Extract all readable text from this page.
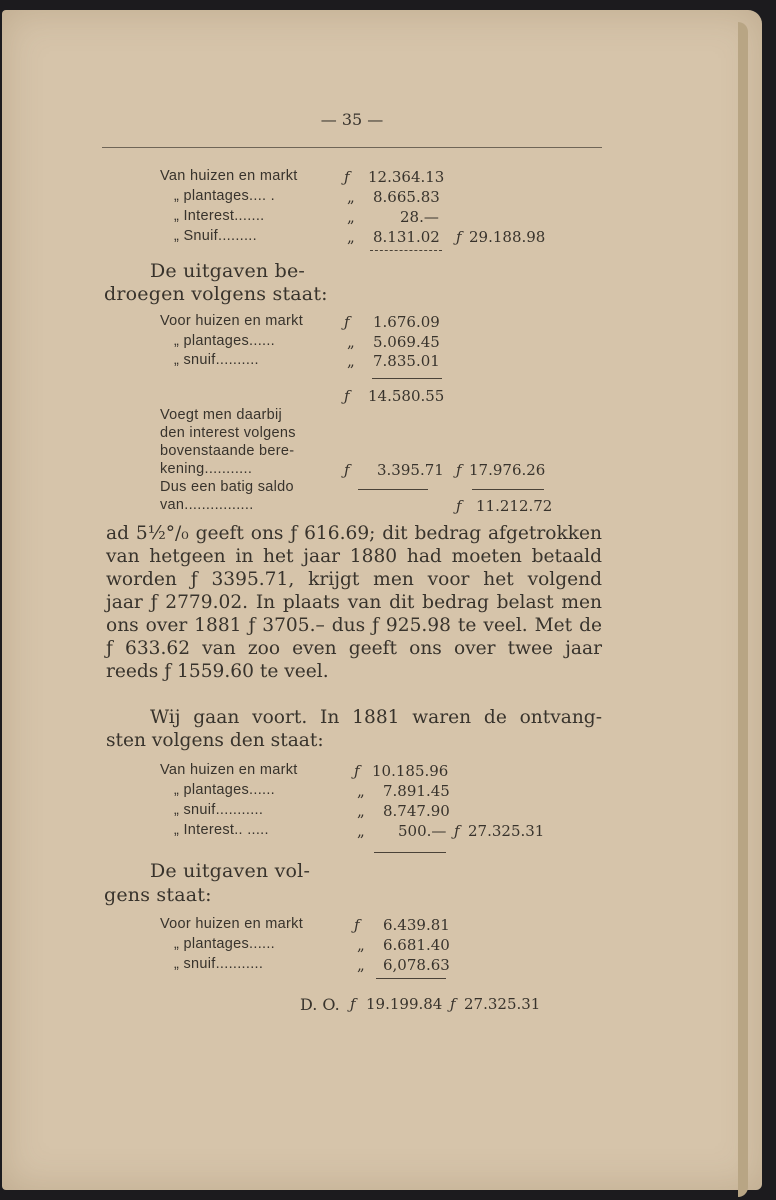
— 35 —
Van huizen en markt	ƒ 12.364.13
„ plantages.... .	„ 8.665.83
„ Interest.......	„	28.—
„ Snuif.........	„ 8.131.02 ƒ 29.188.98
De uitgaven be-
droegen volgens staat:
Voor huizen en markt	ƒ 1.676.09
„ plantages......	„ 5.069.45
„ snuif..........	„ 7.835.01
ƒ 14.580.55
Voegt men daarbij
den interest volgens
bovenstaande bere-
kening...........	ƒ 3.395.71 ƒ 17.976.26
Dus een batig saldo
van................	ƒ 11.212.72
ad 5½°/₀ geeft ons ƒ 616.69; dit bedrag afgetrokken
van hetgeen in het jaar 1880 had moeten betaald
worden ƒ 3395.71, krijgt men voor het volgend
jaar ƒ 2779.02. In plaats van dit bedrag belast men
ons over 1881 ƒ 3705.– dus ƒ 925.98 te veel. Met de
ƒ 633.62 van zoo even geeft ons over twee jaar
reeds ƒ 1559.60 te veel.
Wij gaan voort. In 1881 waren de ontvang-
sten volgens den staat:
Van huizen en markt	ƒ 10.185.96
„ plantages......	„ 7.891.45
„ snuif...........	„ 8.747.90
„ Interest.. .....	„ 500.— ƒ 27.325.31
De uitgaven vol-
gens staat:
Voor huizen en markt	ƒ 6.439.81
„ plantages......	„ 6.681.40
„ snuif...........	„ 6,078.63
D. O. ƒ 19.199.84 ƒ 27.325.31
